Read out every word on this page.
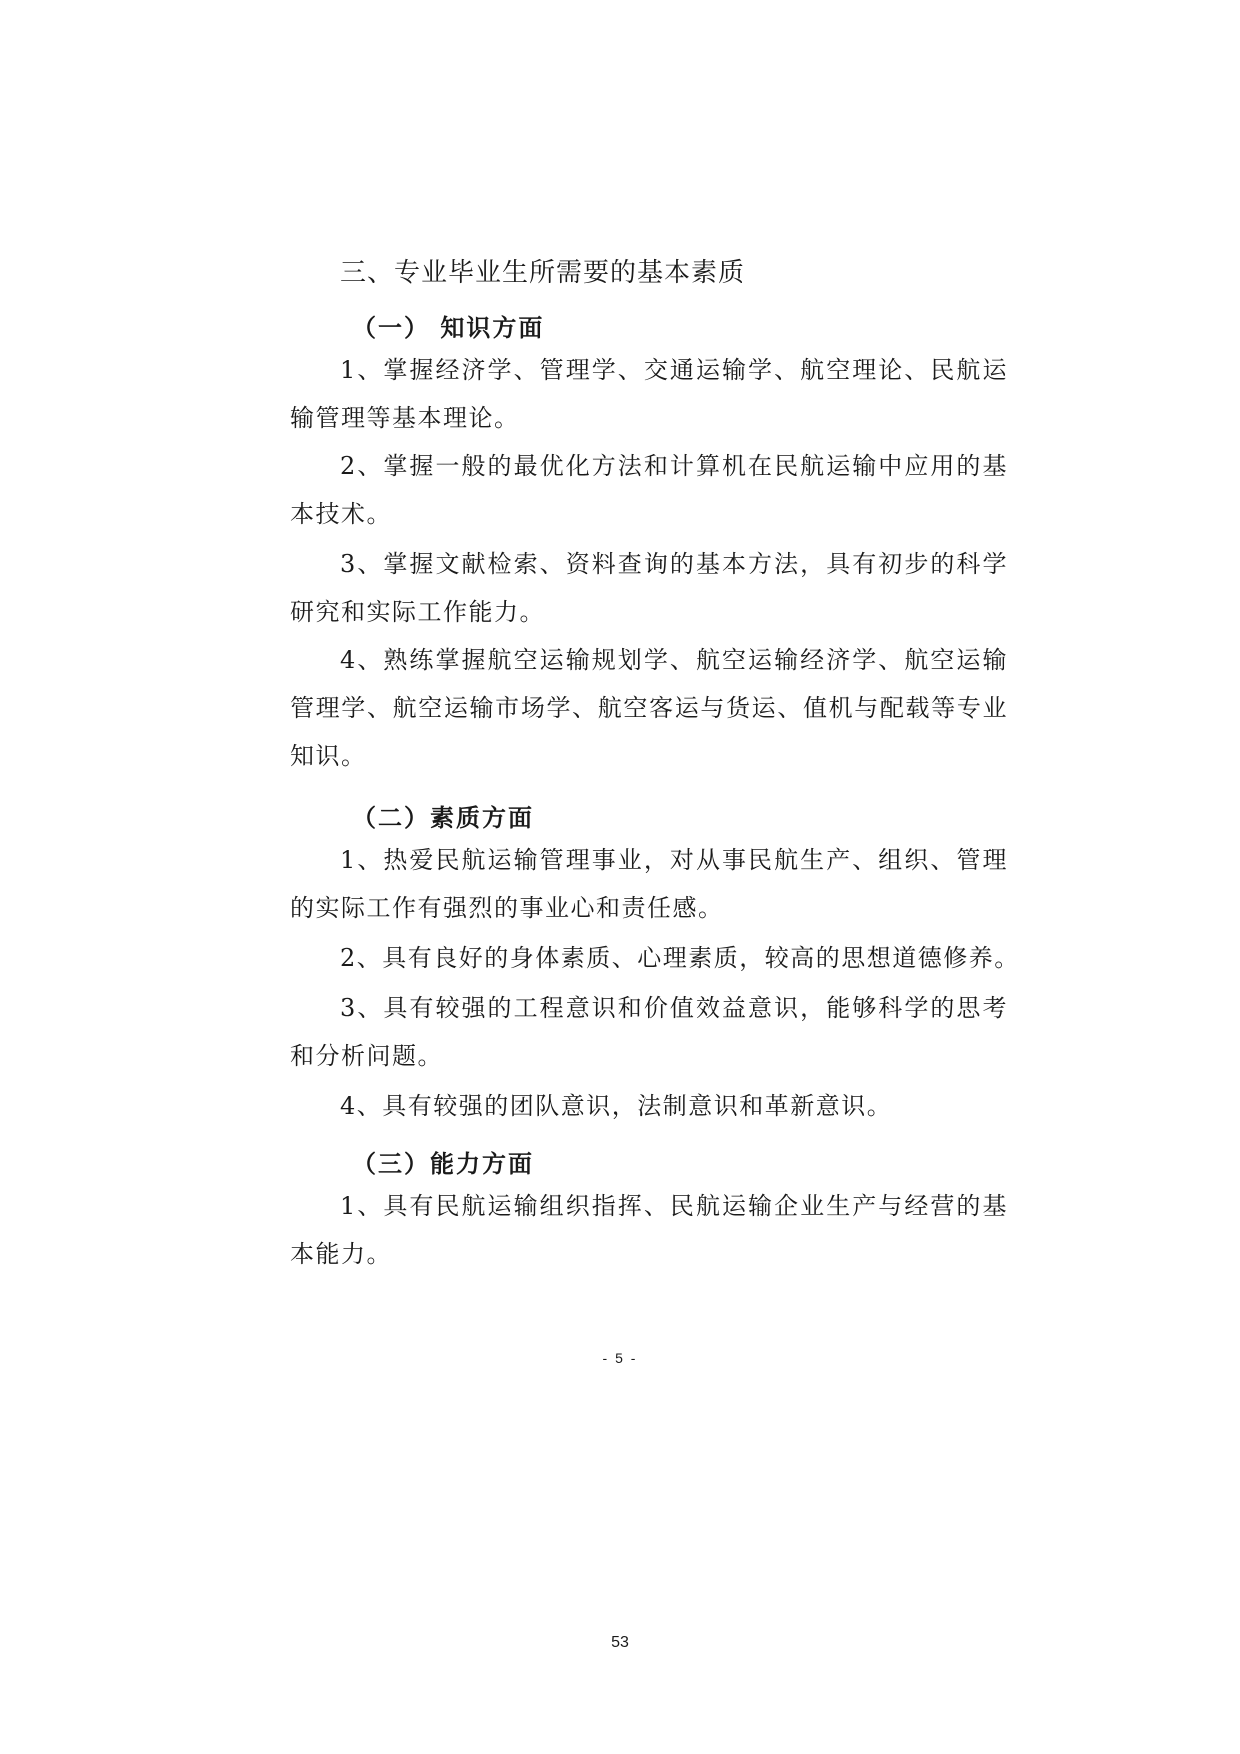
三、专业毕业生所需要的基本素质
（一） 知识方面
1、掌握经济学、管理学、交通运输学、航空理论、民航运输管理等基本理论。
2、掌握一般的最优化方法和计算机在民航运输中应用的基本技术。
3、掌握文献检索、资料查询的基本方法，具有初步的科学研究和实际工作能力。
4、熟练掌握航空运输规划学、航空运输经济学、航空运输管理学、航空运输市场学、航空客运与货运、值机与配载等专业知识。
（二）素质方面
1、热爱民航运输管理事业，对从事民航生产、组织、管理的实际工作有强烈的事业心和责任感。
2、具有良好的身体素质、心理素质，较高的思想道德修养。
3、具有较强的工程意识和价值效益意识，能够科学的思考和分析问题。
4、具有较强的团队意识，法制意识和革新意识。
（三）能力方面
1、具有民航运输组织指挥、民航运输企业生产与经营的基本能力。
- 5 -
53
